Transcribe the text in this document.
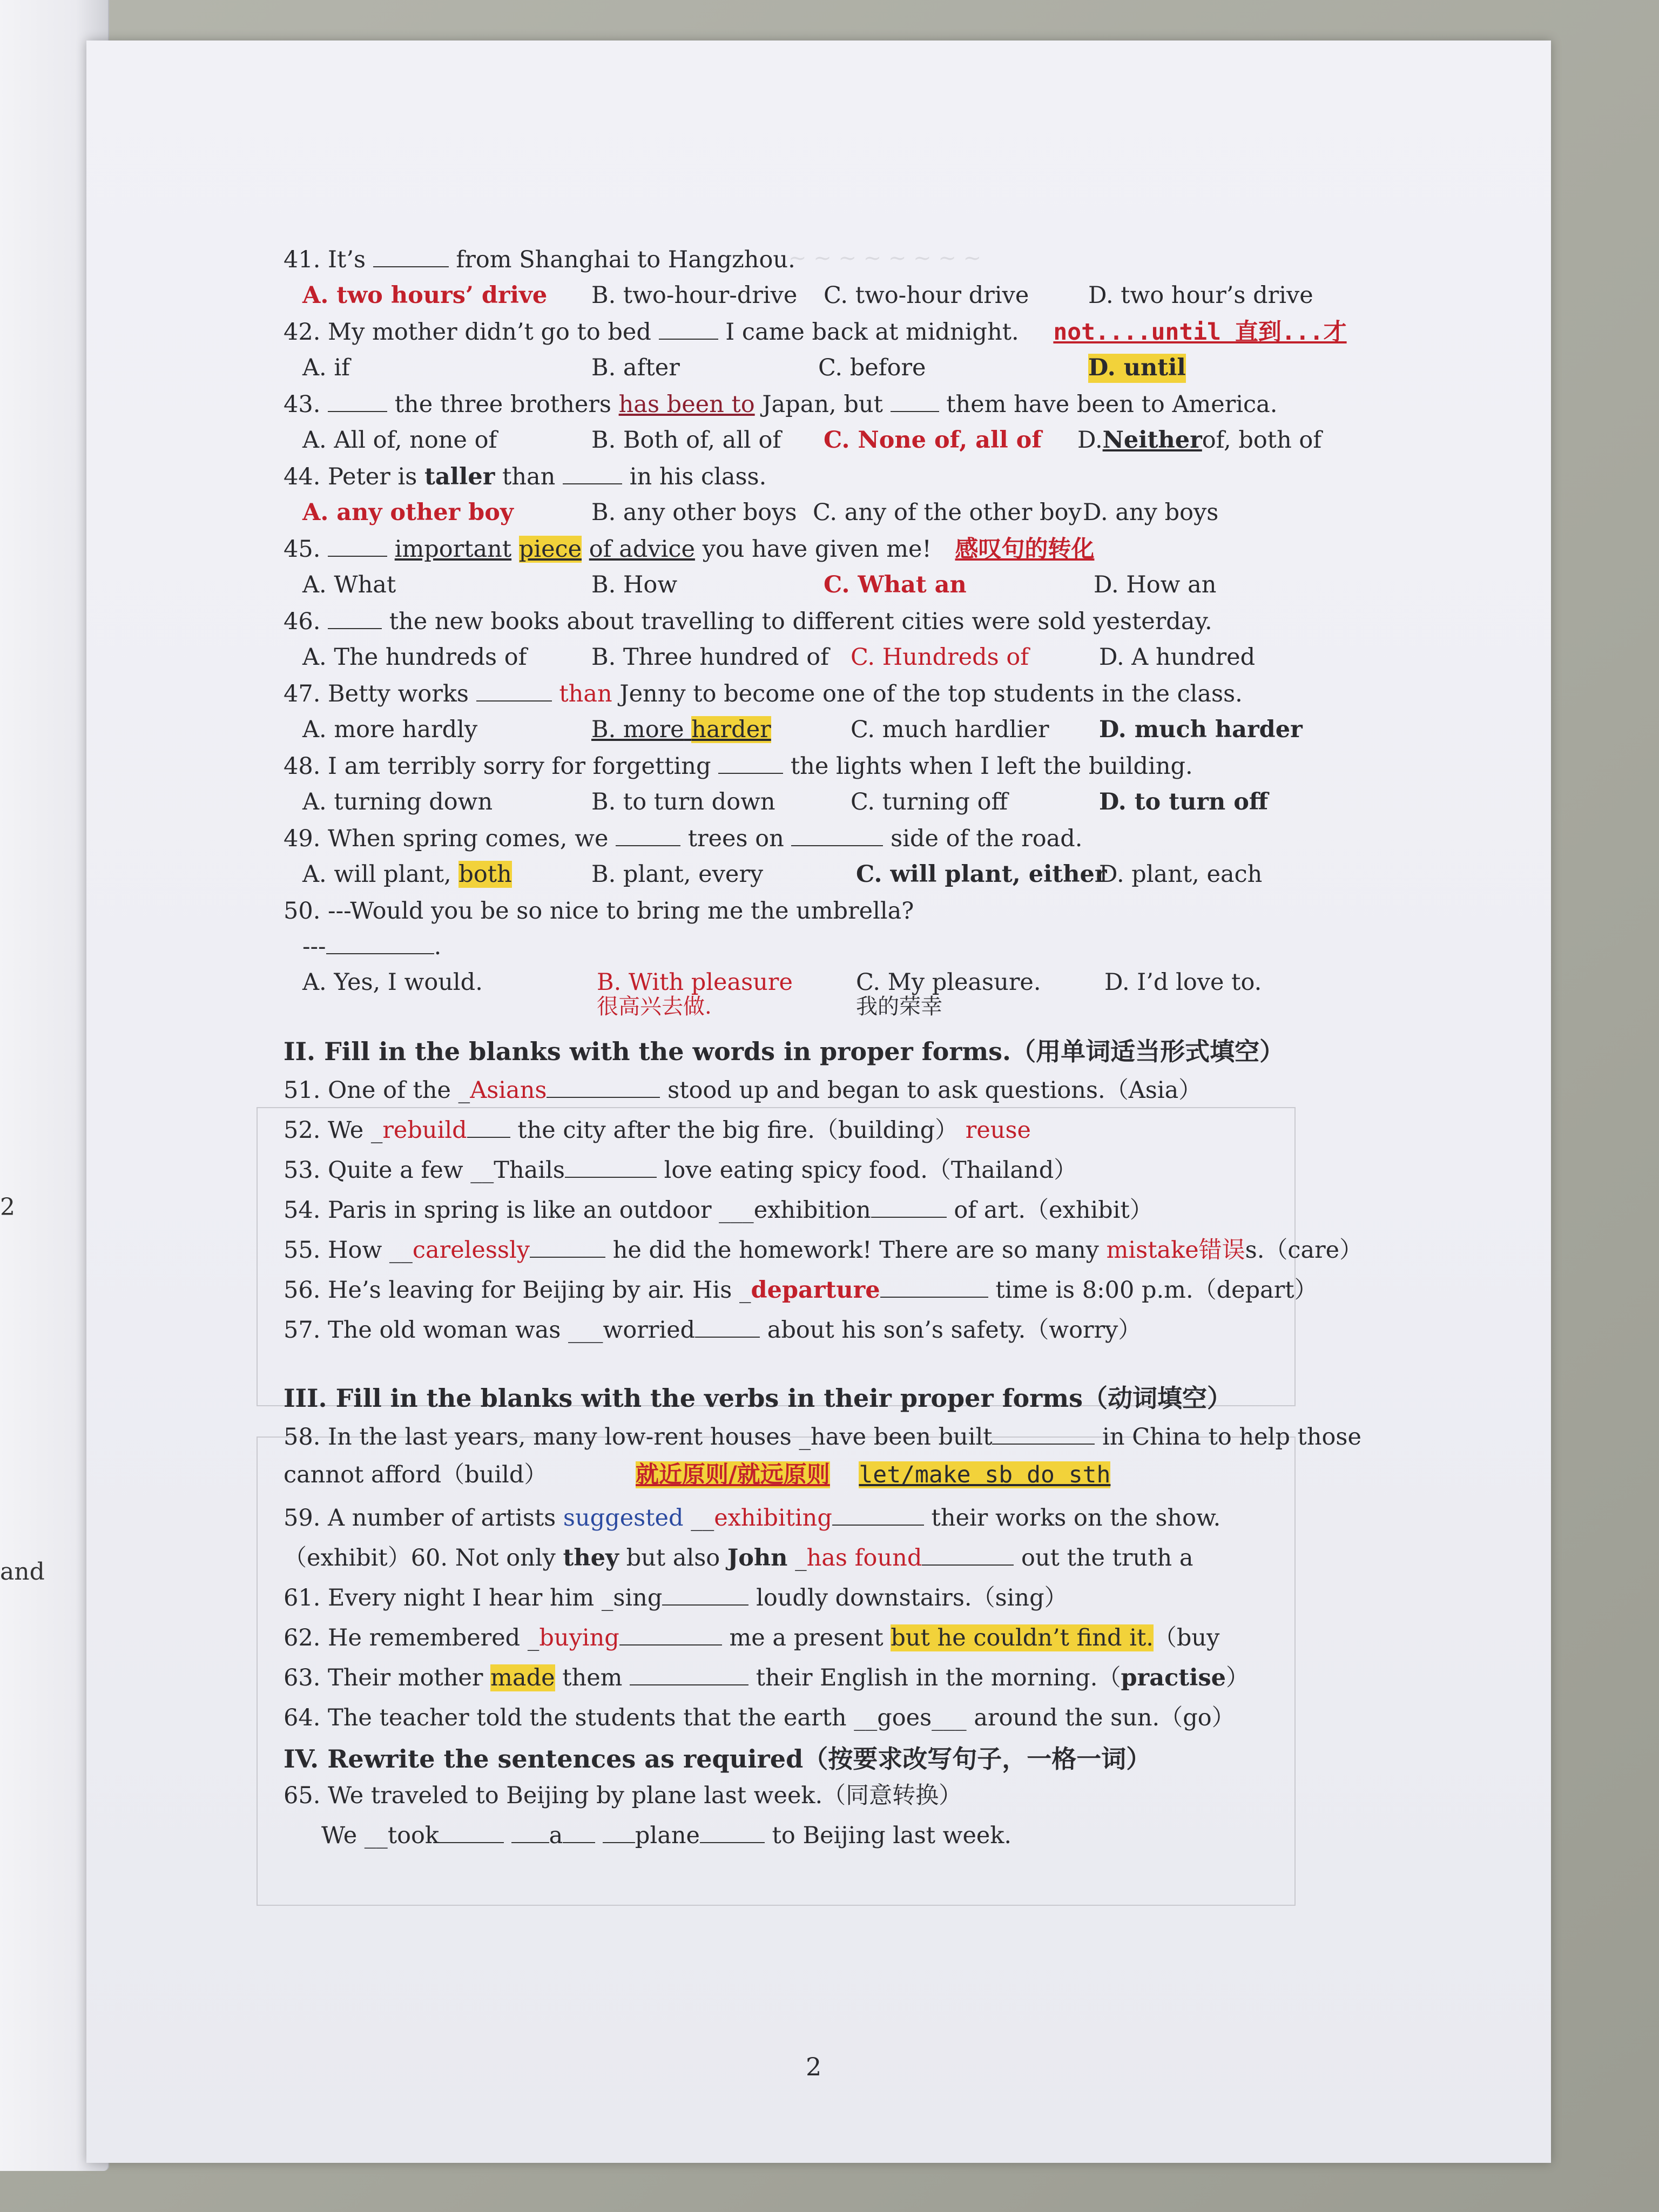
2
and
~ ~ ~ ~ ~ ~ ~ ~
41. It’s	from Shanghai to Hangzhou.
A. two hours’ drive B. two-hour-drive C. two-hour drive	D. two hour’s drive
42. My mother didn’t go to bed	I came back at midnight. not....until 直到...才
A. if	B. after	C. before	D. until
43.	the three brothers has been to Japan, but	them have been to America.
A. All of, none of	B. Both of, all of C. None of, all of D.Neitherof, both of
44. Peter is taller than	in his class.
A. any other boy	B. any other boys C. any of the other boy D. any boys
45.	important piece of advice you have given me! 感叹句的转化
A. What	B. How	C. What an	D. How an
46.	the new books about travelling to different cities were sold yesterday.
A. The hundreds of	B. Three hundred of C. Hundreds of	D. A hundred
47. Betty works	than Jenny to become one of the top students in the class.
A. more hardly	B. more harder	C. much hardlier D. much harder
48. I am terribly sorry for forgetting	the lights when I left the building.
A. turning down	B. to turn down	C. turning off	D. to turn off
49. When spring comes, we	trees on	side of the road.
A. will plant, both	B. plant, every	C. will plant, either
D. plant, each
50. ---Would you be so nice to bring me the umbrella?
---	.
A. Yes, I would.	B. With pleasure
很高兴去做.
C. My pleasure.
我的荣幸
D. I’d love to.
II. Fill in the blanks with the words in proper forms.（用单词适当形式填空）
51. One of the _Asians	stood up and began to ask questions.（Asia）
52. We _rebuild the city after the big fire.（building） reuse
53. Quite a few __Thails	love eating spicy food.（Thailand）
54. Paris in spring is like an outdoor ___exhibition	of art.（exhibit）
55. How __carelessly	he did the homework! There are so many mistake错误s.（care）
56. He’s leaving for Beijing by air. His _departure	time is 8:00 p.m.（depart）
57. The old woman was ___worried	about his son’s safety.（worry）
III. Fill in the blanks with the verbs in their proper forms（动词填空）
58. In the last years, many low-rent houses _have been built	in China to help those
cannot afford（build）	就近原则/就远原则 let/make sb do sth
59. A number of artists suggested __exhibiting	their works on the show.
（exhibit）60. Not only they but also John _has found	out the truth a
61. Every night I hear him _sing	loudly downstairs.（sing）
62. He remembered _buying	me a present but he couldn’t find it.（buy
63. Their mother made them	their English in the morning.（practise）
64. The teacher told the students that the earth __goes___ around the sun.（go）
IV. Rewrite the sentences as required（按要求改写句子，一格一词）
65. We traveled to Beijing by plane last week.（同意转换）
We __took	a	plane	to Beijing last week.
2
